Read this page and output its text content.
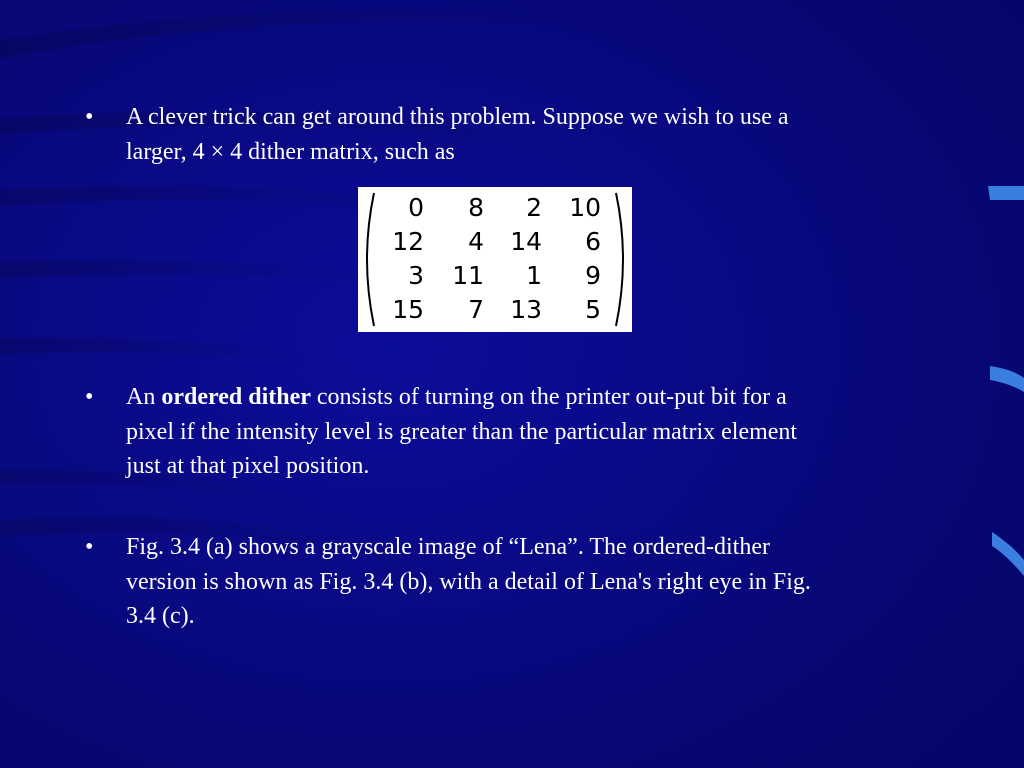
• A clever trick can get around this problem. Suppose we wish to use a
larger, 4 × 4 dither matrix, such as
0 8 2 10
12 4 14 6
3 11 1 9
15 7 13 5
• An ordered dither consists of turning on the printer out-put bit for a
pixel if the intensity level is greater than the particular matrix element
just at that pixel position.
• Fig. 3.4 (a) shows a grayscale image of “Lena”. The ordered-dither
version is shown as Fig. 3.4 (b), with a detail of Lena's right eye in Fig.
3.4 (c).
